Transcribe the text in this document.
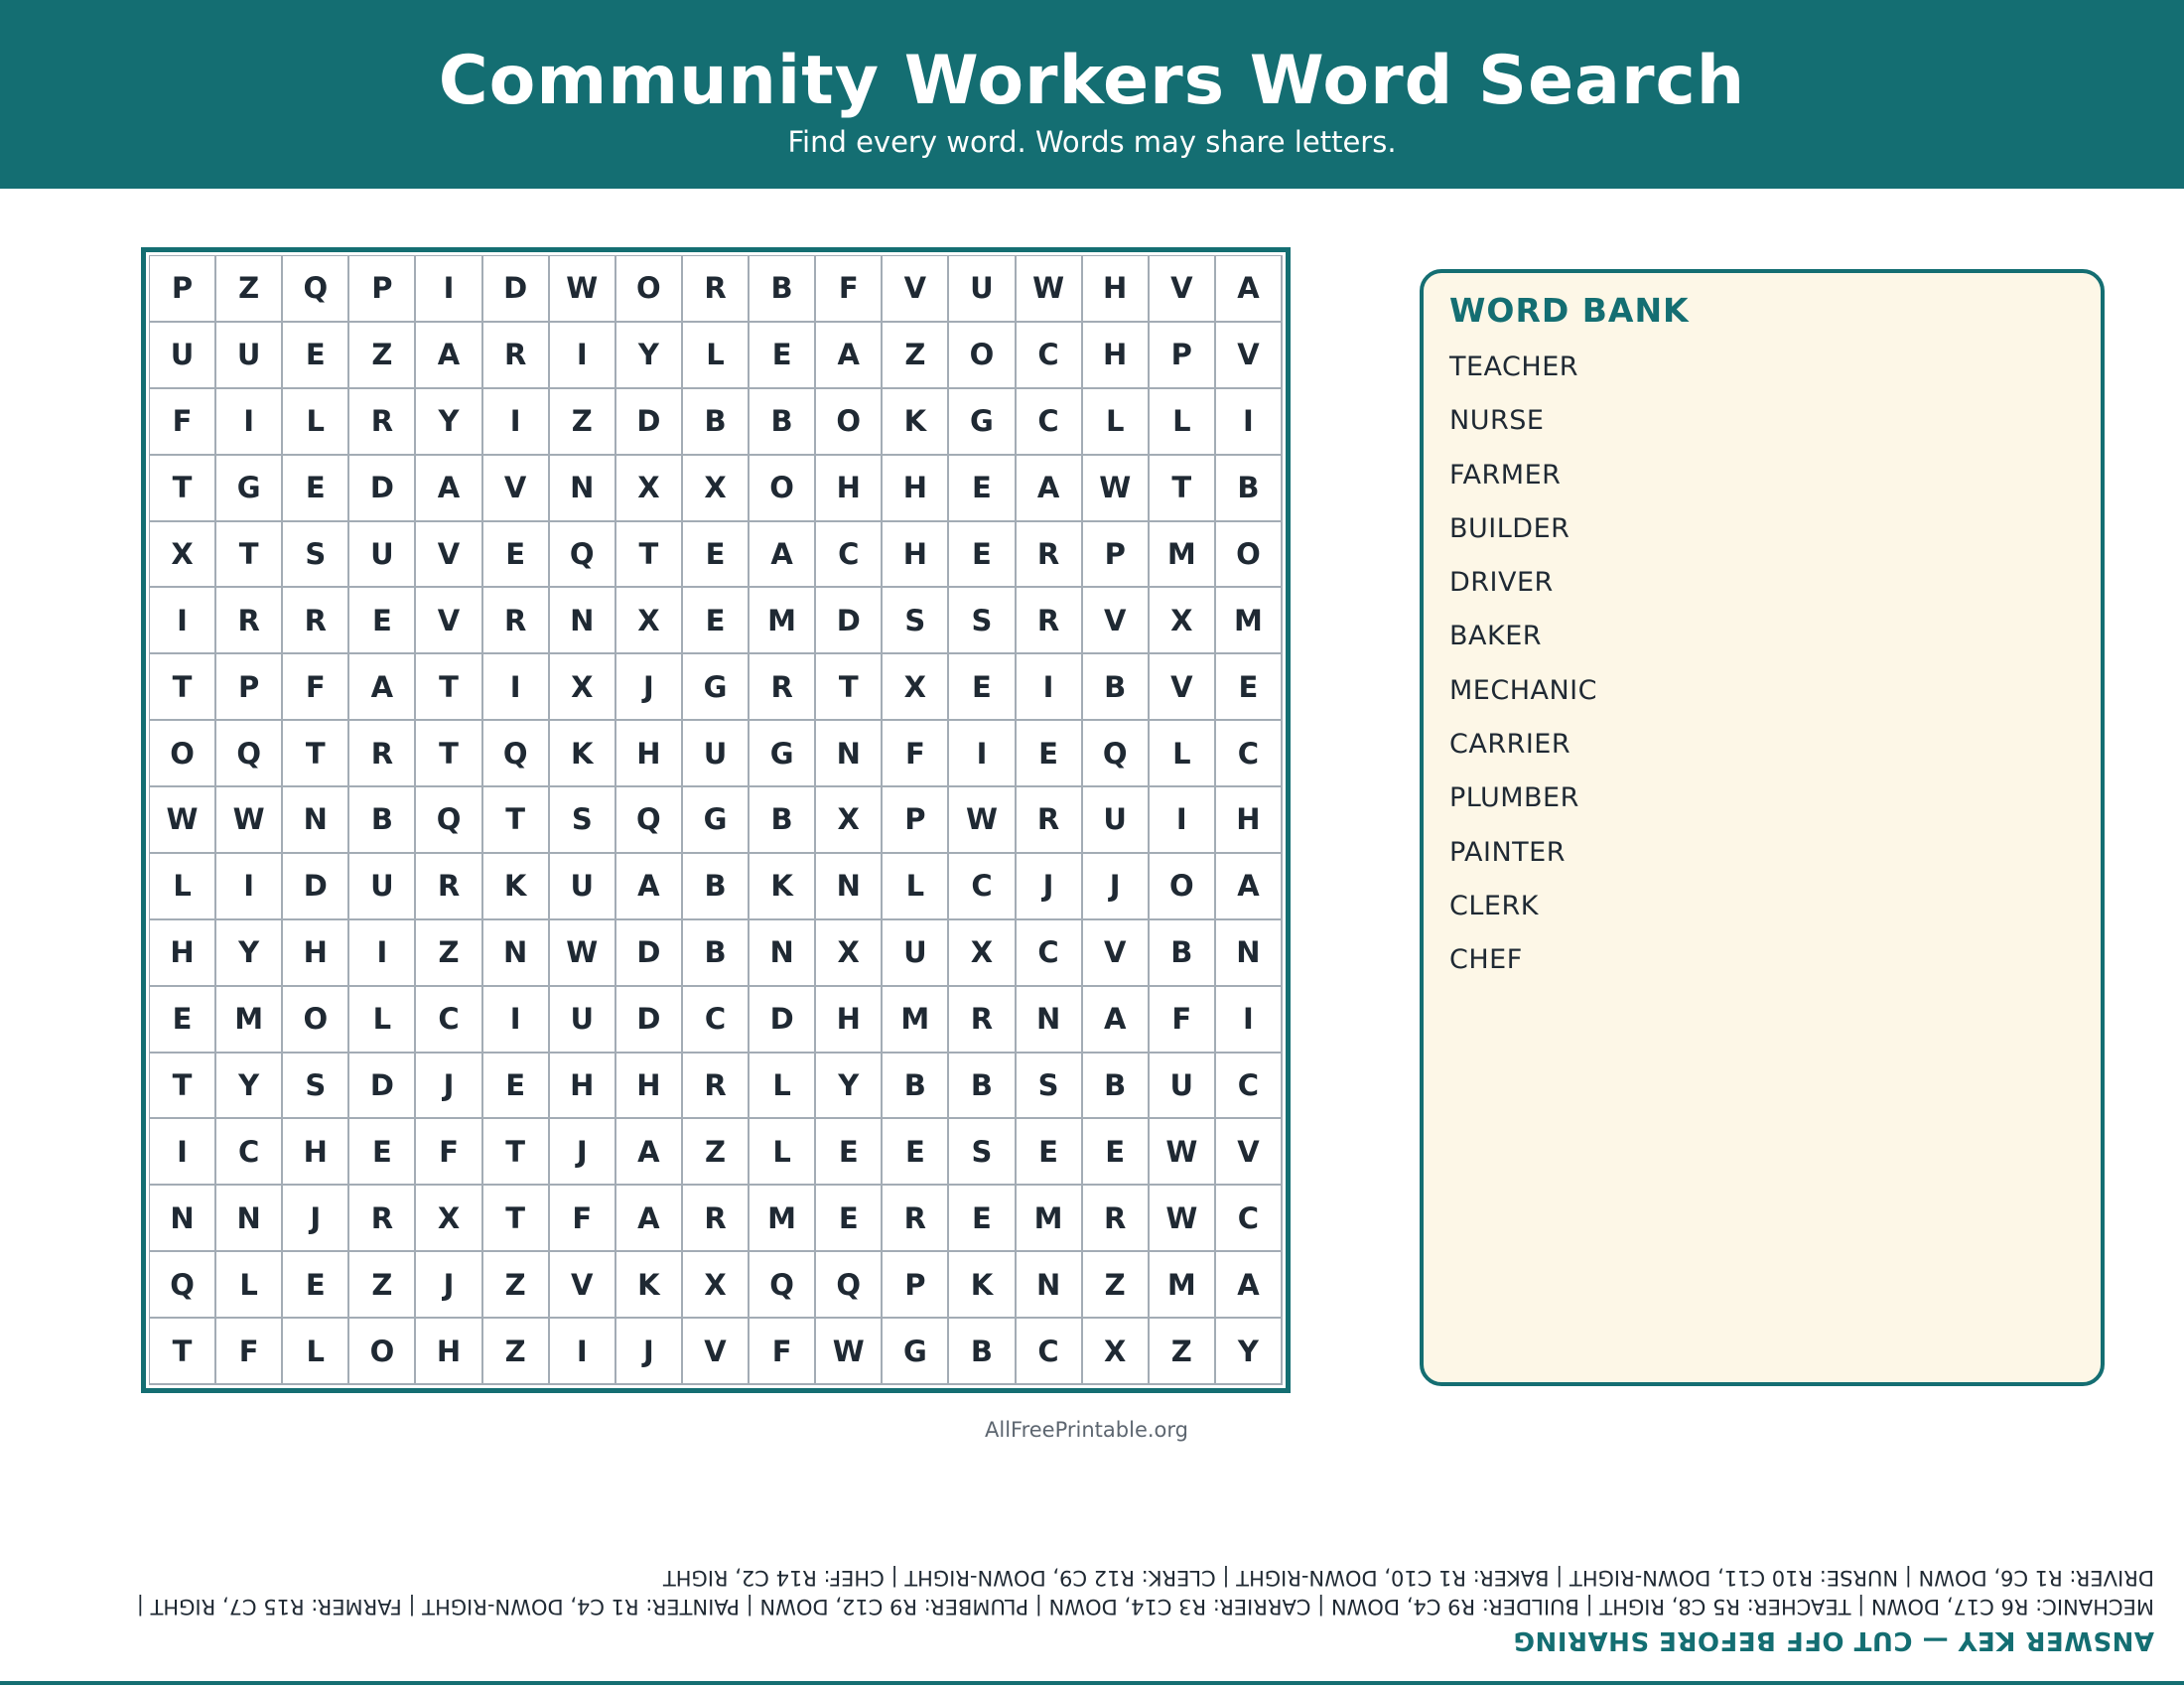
Community Workers Word Search
Find every word. Words may share letters.
P	Z	Q	P	I	D	W	O	R	B	F	V	U	W	H	V	A
U	U	E	Z	A	R	I	Y	L	E	A	Z	O	C	H	P	V
F	I	L	R	Y	I	Z	D	B	B	O	K	G	C	L	L	I
T	G	E	D	A	V	N	X	X	O	H	H	E	A	W	T	B
X	T	S	U	V	E	Q	T	E	A	C	H	E	R	P	M	O
I	R	R	E	V	R	N	X	E	M	D	S	S	R	V	X	M
T	P	F	A	T	I	X	J	G	R	T	X	E	I	B	V	E
O	Q	T	R	T	Q	K	H	U	G	N	F	I	E	Q	L	C
W	W	N	B	Q	T	S	Q	G	B	X	P	W	R	U	I	H
L	I	D	U	R	K	U	A	B	K	N	L	C	J	J	O	A
H	Y	H	I	Z	N	W	D	B	N	X	U	X	C	V	B	N
E	M	O	L	C	I	U	D	C	D	H	M	R	N	A	F	I
T	Y	S	D	J	E	H	H	R	L	Y	B	B	S	B	U	C
I	C	H	E	F	T	J	A	Z	L	E	E	S	E	E	W	V
N	N	J	R	X	T	F	A	R	M	E	R	E	M	R	W	C
Q	L	E	Z	J	Z	V	K	X	Q	Q	P	K	N	Z	M	A
T	F	L	O	H	Z	I	J	V	F	W	G	B	C	X	Z	Y
WORD BANK
TEACHER
NURSE
FARMER
BUILDER
DRIVER
BAKER
MECHANIC
CARRIER
PLUMBER
PAINTER
CLERK
CHEF
AllFreePrintable.org
ANSWER KEY — CUT OFF BEFORE SHARING
MECHANIC: R6 C17, DOWN | TEACHER: R5 C8, RIGHT | BUILDER: R9 C4, DOWN | CARRIER: R3 C14, DOWN | PLUMBER: R9 C12, DOWN | PAINTER: R1 C4, DOWN-RIGHT | FARMER: R15 C7, RIGHT |
DRIVER: R1 C6, DOWN | NURSE: R10 C11, DOWN-RIGHT | BAKER: R1 C10, DOWN-RIGHT | CLERK: R12 C9, DOWN-RIGHT | CHEF: R14 C2, RIGHT
